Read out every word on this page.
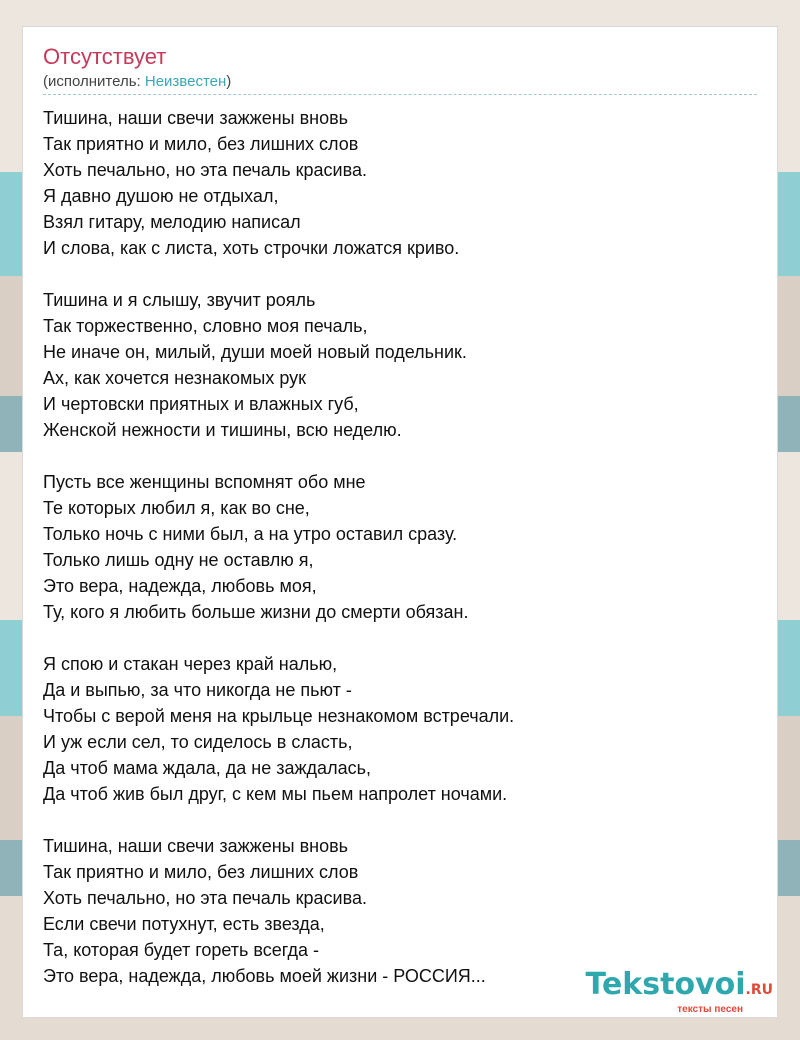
Отсутствует
(исполнитель: Неизвестен)
Тишина, наши свечи зажжены вновь
Так приятно и мило, без лишних слов
Хоть печально, но эта печаль красива.
Я давно душою не отдыхал,
Взял гитару, мелодию написал
И слова, как с листа, хоть строчки ложатся криво.
Тишина и я слышу, звучит рояль
Так торжественно, словно моя печаль,
Не иначе он, милый, души моей новый подельник.
Ах, как хочется незнакомых рук
И чертовски приятных и влажных губ,
Женской нежности и тишины, всю неделю.
Пусть все женщины вспомнят обо мне
Те которых любил я, как во сне,
Только ночь с ними был, а на утро оставил сразу.
Только лишь одну не оставлю я,
Это вера, надежда, любовь моя,
Ту, кого я любить больше жизни до смерти обязан.
Я спою и стакан через край налью,
Да и выпью, за что никогда не пьют -
Чтобы с верой меня на крыльце незнакомом встречали.
И уж если сел, то сиделось в сласть,
Да чтоб мама ждала, да не заждалась,
Да чтоб жив был друг, с кем мы пьем напролет ночами.
Тишина, наши свечи зажжены вновь
Так приятно и мило, без лишних слов
Хоть печально, но эта печаль красива.
Если свечи потухнут, есть звезда,
Та, которая будет гореть всегда -
Это вера, надежда, любовь моей жизни - РОССИЯ...	Tekstovoi.RU
тексты песен
